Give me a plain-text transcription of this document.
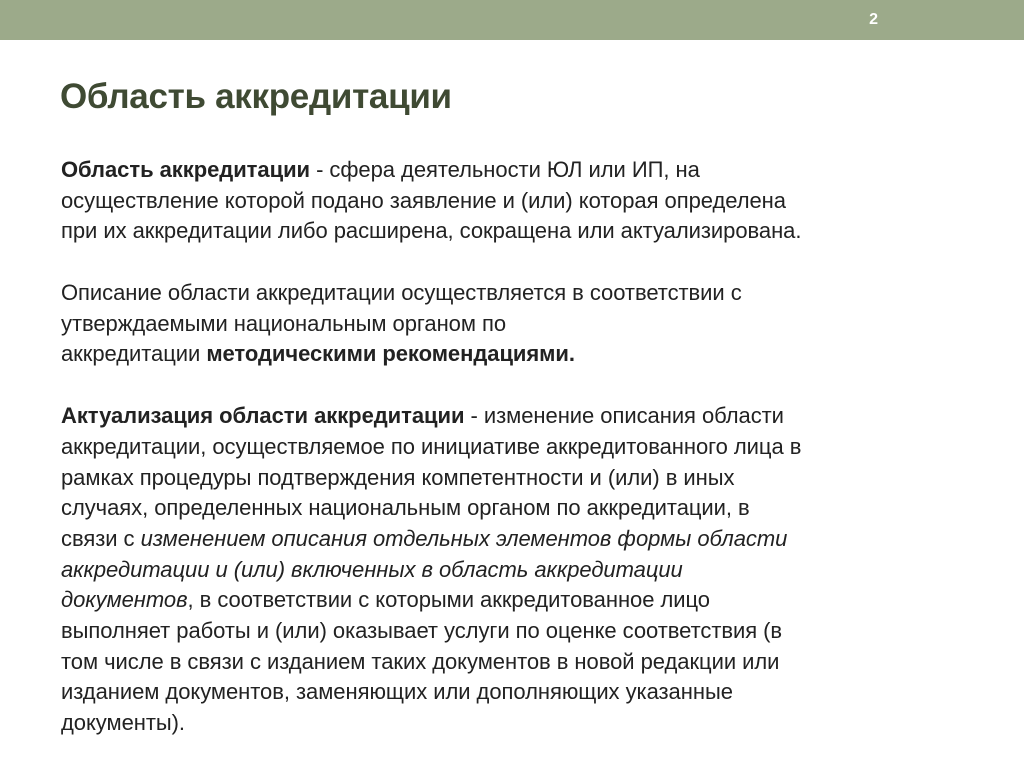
2
Область аккредитации

Область аккредитации - сфера деятельности ЮЛ или ИП, на
осуществление которой подано заявление и (или) которая определена
при их аккредитации либо расширена, сокращена или актуализирована.

Описание области аккредитации осуществляется в соответствии с
утверждаемыми национальным органом по
аккредитации методическими рекомендациями.

Актуализация области аккредитации - изменение описания области
аккредитации, осуществляемое по инициативе аккредитованного лица в
рамках процедуры подтверждения компетентности и (или) в иных
случаях, определенных национальным органом по аккредитации, в
связи с изменением описания отдельных элементов формы области
аккредитации и (или) включенных в область аккредитации
документов, в соответствии с которыми аккредитованное лицо
выполняет работы и (или) оказывает услуги по оценке соответствия (в
том числе в связи с изданием таких документов в новой редакции или
изданием документов, заменяющих или дополняющих указанные
документы).
